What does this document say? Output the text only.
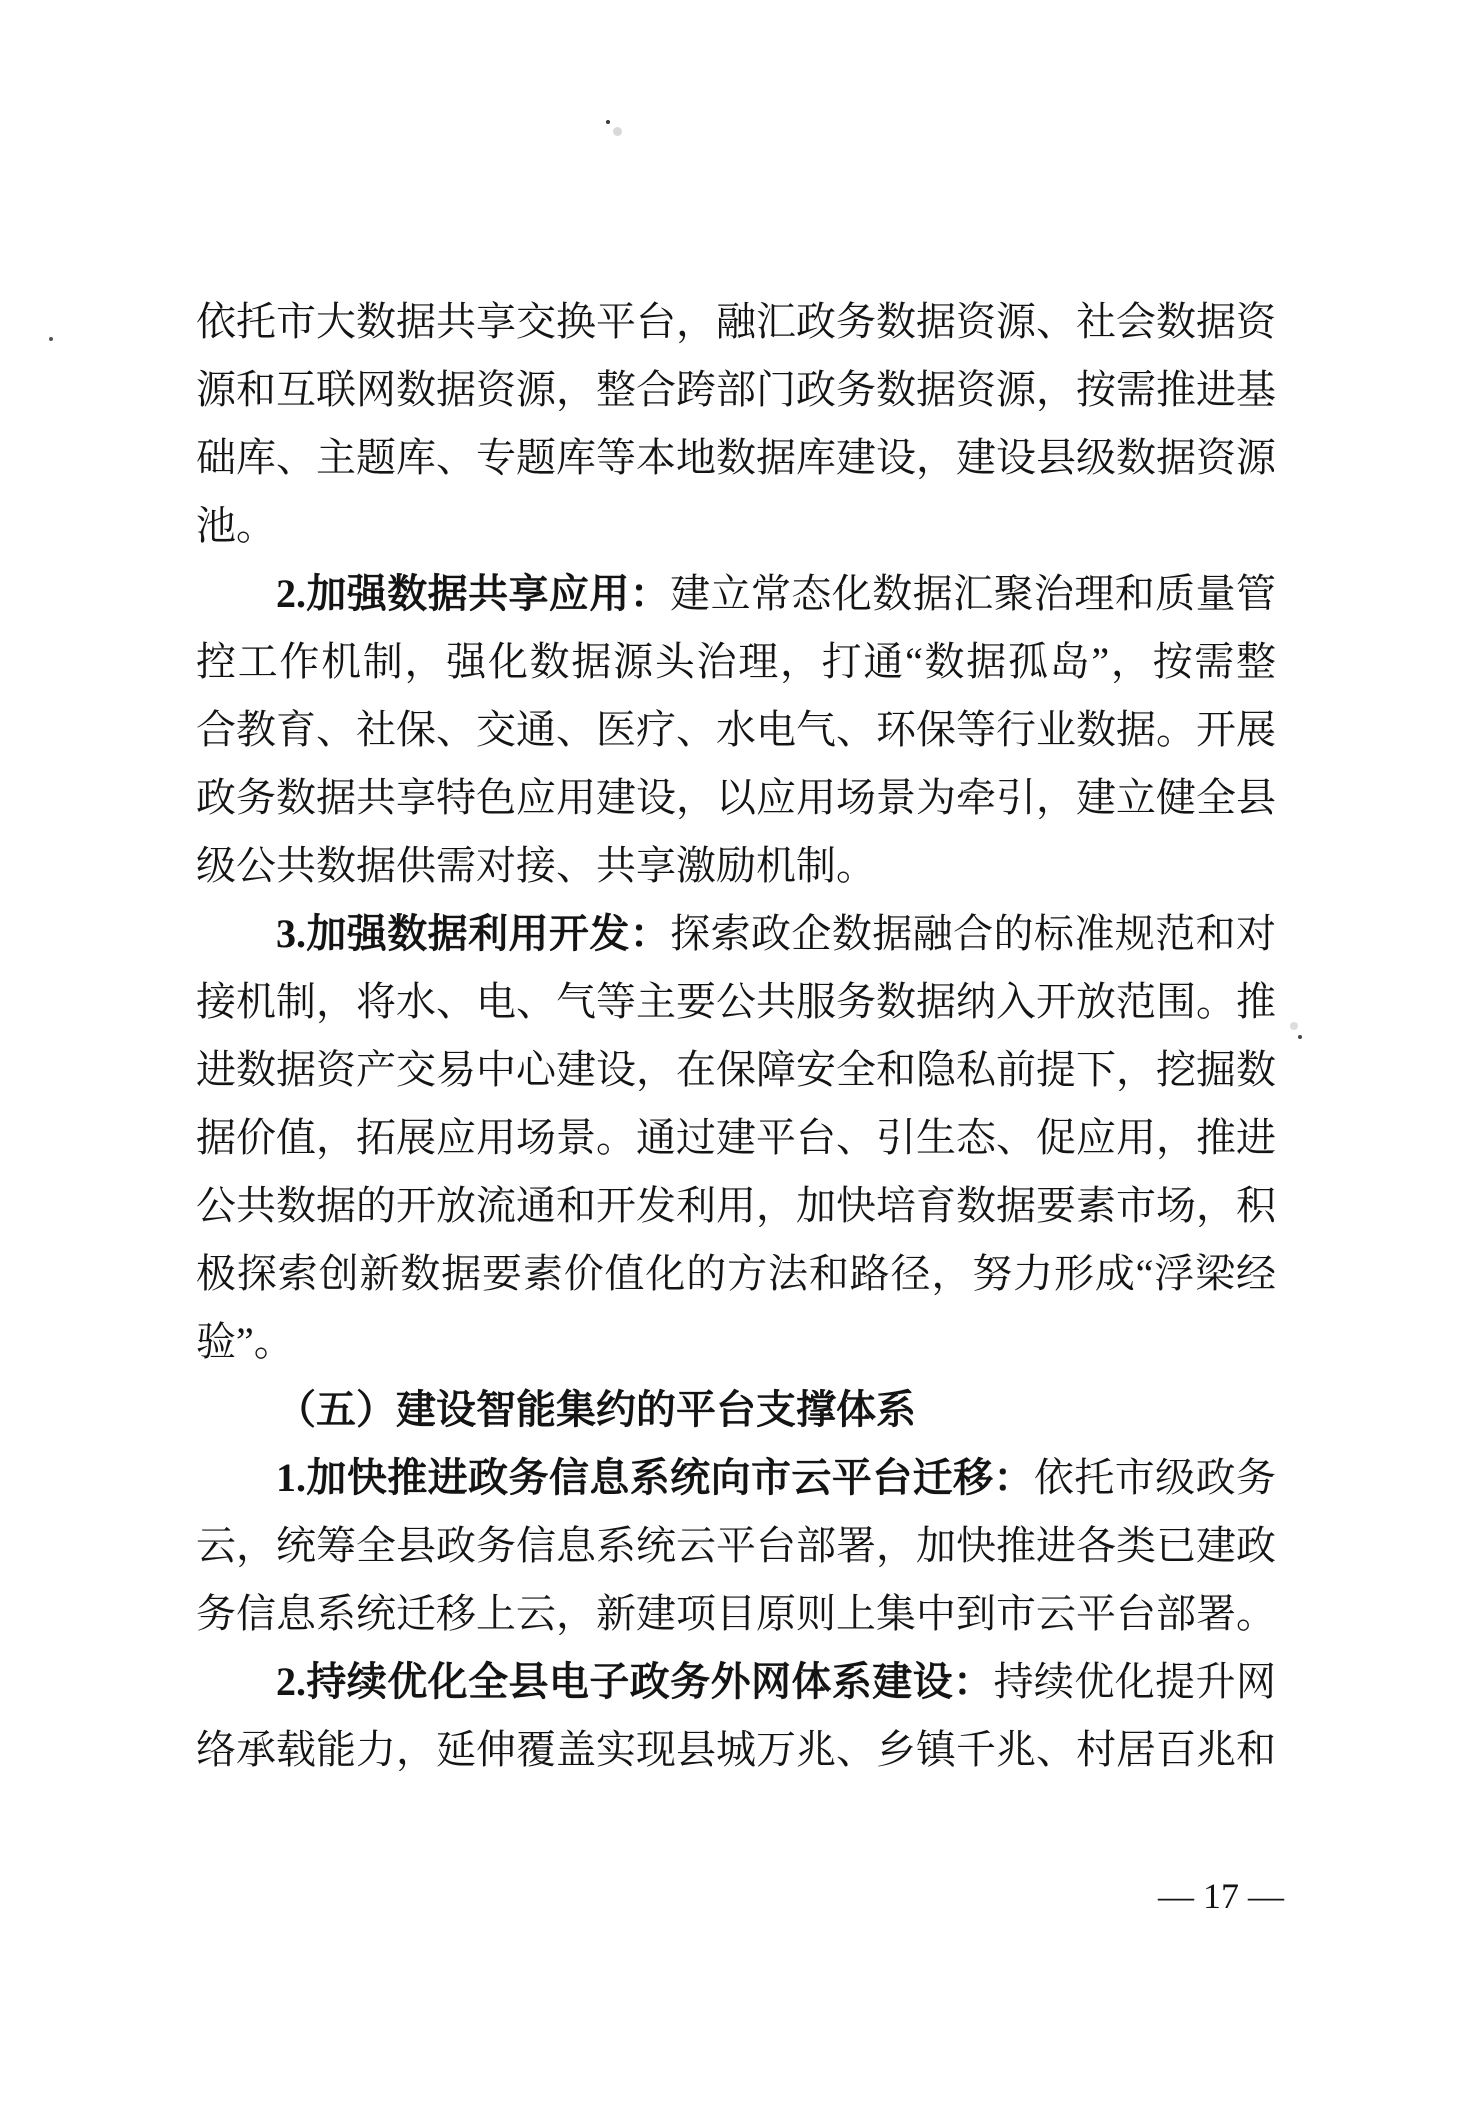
依托市大数据共享交换平台，融汇政务数据资源、社会数据资
源和互联网数据资源，整合跨部门政务数据资源，按需推进基
础库、主题库、专题库等本地数据库建设，建设县级数据资源
池。
2.加强数据共享应用：建立常态化数据汇聚治理和质量管
控工作机制，强化数据源头治理，打通“数据孤岛”，按需整
合教育、社保、交通、医疗、水电气、环保等行业数据。开展
政务数据共享特色应用建设，以应用场景为牵引，建立健全县
级公共数据供需对接、共享激励机制。
3.加强数据利用开发：探索政企数据融合的标准规范和对
接机制，将水、电、气等主要公共服务数据纳入开放范围。推
进数据资产交易中心建设，在保障安全和隐私前提下，挖掘数
据价值，拓展应用场景。通过建平台、引生态、促应用，推进
公共数据的开放流通和开发利用，加快培育数据要素市场，积
极探索创新数据要素价值化的方法和路径，努力形成“浮梁经
验”。
（五）建设智能集约的平台支撑体系
1.加快推进政务信息系统向市云平台迁移：依托市级政务
云，统筹全县政务信息系统云平台部署，加快推进各类已建政
务信息系统迁移上云，新建项目原则上集中到市云平台部署。
2.持续优化全县电子政务外网体系建设：持续优化提升网
络承载能力，延伸覆盖实现县城万兆、乡镇千兆、村居百兆和
— 17 —
